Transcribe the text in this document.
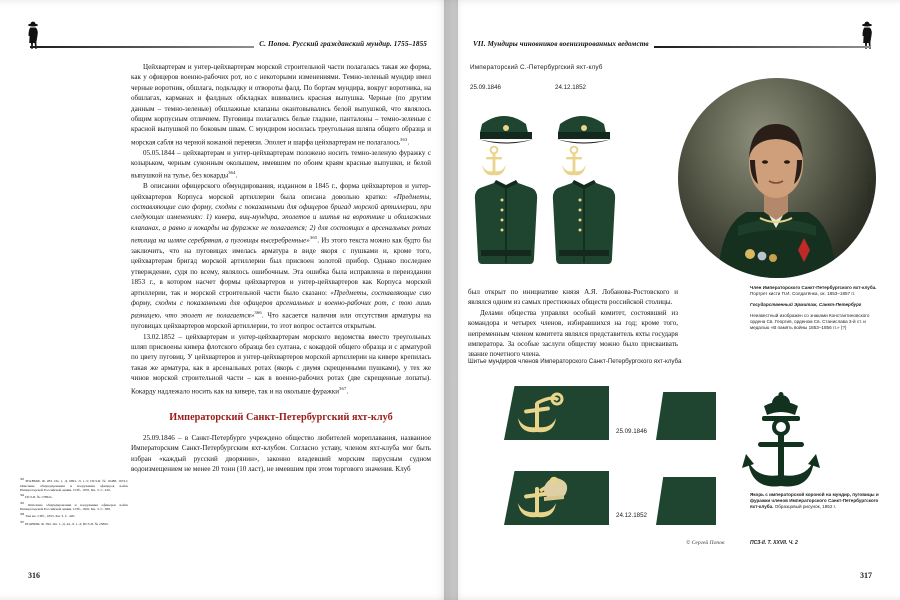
С. Попов. Русский гражданский мундир. 1755–1855

Цейхвартерам и унтер-цейхвартерам морской строительной части полагалась такая же форма, как у офицеров военно-рабочих рот, но с некоторыми изменениями. Темно-зеленый мундир имел черные воротник, обшлага, подкладку и отвороты фалд. По бортам мундира, вокруг воротника, на обшлагах, карманах и фалдных обкладках вшивались красная выпушка. Черные (по другим данным – темно-зеленые) обшлажные клапаны окантовывались белой выпушкой, что являлось общим корпусным отличием. Пуговицы полагались белые гладкие, панталоны – темно-зеленые с красной выпушкой по боковым швам. С мундиром носилась треугольная шляпа общего образца и морская сабля на черной кожаной перевязи. Эполет и шарфа цейхвартерам не полагалось$^{363}$.

05.05.1844 – цейхвартерам и унтер-цейхвартерам положено носить темно-зеленую фуражку с козырьком, черным суконным околышем, имевшим по обоим краям красные выпушки, и белой выпушкой на тулье, без кокарды$^{364}$.

В описании офицерского обмундирования, изданном в 1845 г., форма цейхвартеров и унтер-цейхвартеров Корпуса морской артиллерии была описана довольно кратко: «Предметы, составляющие сию форму, сходны с показанными для офицеров бригад морской артиллерии, при следующих изменениях: 1) кивера, виц-мундира, эполетов и шитья на воротнике и обшлажных клапанах, а равно и кокарды на фуражке не полагается; 2) для состоящих в арсенальных ротах петлица на шляпе серебряная, а пуговицы высеребренные»$^{365}$. Из этого текста можно как будто бы заключить, что на пуговицах имелась арматура в виде якоря с пушками и, кроме того, цейхвартерам бригад морской артиллерии был присвоен золотой прибор. Однако последнее утверждение, судя по всему, являлось ошибочным. Эта ошибка была исправлена в переиздании 1853 г., в котором насчет формы цейхвартеров и унтер-цейхвартеров как Корпуса морской артиллерии, так и морской строительной части было сказано: «Предметы, составляющие сию форму, сходны с показанными для офицеров арсенальных и военно-рабочих рот, с тою лишь разницею, что эполет не полагается»$^{366}$. Что касается наличия или отсутствия арматуры на пуговицах цейхвартеров морской артиллерии, то этот вопрос остается открытым.

13.02.1852 – цейхвартерам и унтер-цейхвартерам морского ведомства вместо треугольных шляп присвоены кивера флотского образца без султана, с кокардой общего образца и с арматурой по цвету пуговиц. У цейхвартеров и унтер-цейхвартеров морской артиллерии на кивере крепилась такая же арматура, как в арсенальных ротах (якорь с двумя скрещенными пушками), у тех же чинов морской строительной части – как в военно-рабочих ротах (две скрещенные лопаты). Кокарду надлежало носить как на кивере, так и на околыше фуражки$^{367}$.

Императорский Санкт-Петербургский яхт-клуб

25.09.1846 – в Санкт-Петербурге учреждено общество любителей мореплавания, названное Императорским Санкт-Петербургским яхт-клубом. Согласно уставу, членом яхт-клуба мог быть избран «каждый русский дворянин», законно владевший морским парусным судном водоизмещением не менее 20 тонн (10 ласт), не имевшим при этом торгового значения. Клуб

$^{363}$ РГАВМФ. Ф. 283. Оп. 1. Д. 6891. Л. 1–5; ПСЗ-II. № 16488, 16741; Описание обмундирования и вооружения офицеров войск Императорской Российской армии. СПб., 1855. Кн. 3. С. 420.
$^{364}$ ПСЗ-II. № 17882а.
$^{365}$ Описание обмундирования и вооружения офицеров войск Императорской Российской армии. СПб., 1845. Кн. 3. С. 388.
$^{366}$ Там же. СПб., 1855. Кн. 3. С. 420.
$^{367}$ РГАВМФ. Ф. 392. Оп. 1. Д. 44. Л. 1–4; ПСЗ-II. № 25892.
316
VII. Мундиры чиновников военизированных ведомств
Императорский С.-Петербургский яхт-клуб
25.09.1846	24.12.1852
© Сергей Попов

был открыт по инициативе князя А.Я. Лобанова-Ростовского и являлся одним из самых престижных обществ российской столицы.

Делами общества управлял особый комитет, состоявший из командора и четырех членов, избиравшихся на год; кроме того, непременным членом комитета являлся представитель яхты государя императора. За особые заслуги обществу можно было присваивать звание почетного члена.

Член Императорского Санкт-Петербургского яхт-клуба. Портрет кисти П.И. Солдатёнка, ок. 1853–1857 гг.
Государственный Эрмитаж, Санкт-Петербург
Неизвестный изображен со знаками Константиновского ордена Св. Георгия, орденом Св. Станислава 3-й ст. и медалью «В память войны 1853–1856 гг.» (?)
Шитье мундиров членов Императорского Санкт-Петербургского яхт-клуба
25.09.1846
24.12.1852
Якорь с императорской короной на мундир, пуговицы и фуражки членов Императорского Санкт-Петербургского яхт-клуба. Образцовый рисунок, 1852 г.
ПСЗ-II. Т. XXVII. Ч. 2
© Сергей Попов
317
